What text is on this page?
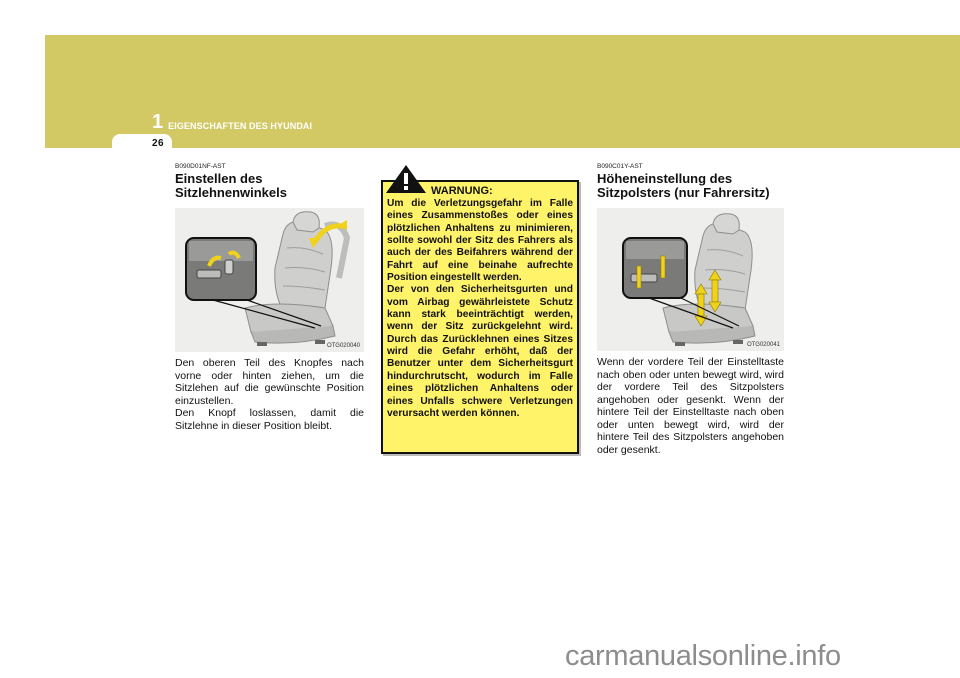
1 EIGENSCHAFTEN DES HYUNDAI
26
B090D01NF-AST
Einstellen des
Sitzlehnenwinkels
OTG020040
Den oberen Teil des Knopfes nach vorne oder hinten ziehen, um die Sitzlehen auf die gewünschte Position einzustellen.
Den Knopf loslassen, damit die Sitzlehne in dieser Position bleibt.
WARNUNG:
Um die Verletzungsgefahr im Falle eines Zusammenstoßes oder eines plötzlichen Anhaltens zu minimieren, sollte sowohl der Sitz des Fahrers als auch der des Beifahrers während der Fahrt auf eine beinahe aufrechte Position eingestellt werden.
Der von den Sicherheitsgurten und vom Airbag gewährleistete Schutz kann stark beeinträchtigt werden, wenn der Sitz zurückgelehnt wird. Durch das Zurücklehnen eines Sitzes wird die Gefahr erhöht, daß der Benutzer unter dem Sicherheitsgurt hindurchrutscht, wodurch im Falle eines plötzlichen Anhaltens oder eines Unfalls schwere Verletzungen verursacht werden können.
B090C01Y-AST
Höheneinstellung des
Sitzpolsters (nur Fahrersitz)
OTG020041
Wenn der vordere Teil der Einstelltaste nach oben oder unten bewegt wird, wird der vordere Teil des Sitzpolsters angehoben oder gesenkt. Wenn der hintere Teil der Einstelltaste nach oben oder unten bewegt wird, wird der hintere Teil des Sitzpolsters angehoben oder gesenkt.
carmanualsonline.info
